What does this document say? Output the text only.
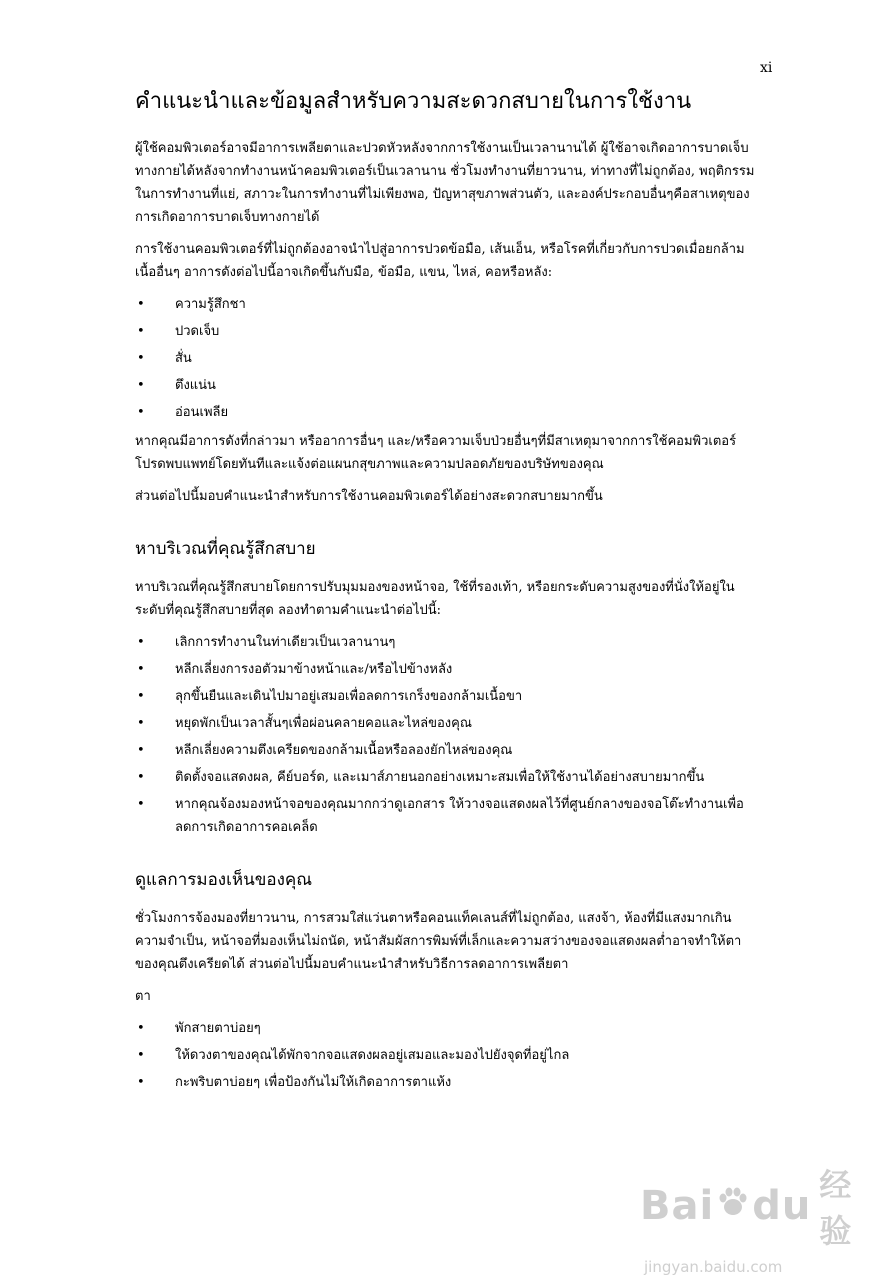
xi
คำแนะนำและข้อมูลสำหรับความสะดวกสบายในการใช้งาน

ผู้ใช้คอมพิวเตอร์อาจมีอาการเพลียตาและปวดหัวหลังจากการใช้งานเป็นเวลานานได้ ผู้ใช้อาจเกิดอาการบาดเจ็บทางกายได้หลังจากทำงานหน้าคอมพิวเตอร์เป็นเวลานาน ชั่วโมงทำงานที่ยาวนาน, ท่าทางที่ไม่ถูกต้อง, พฤติกรรมในการทำงานที่แย่, สภาวะในการทำงานที่ไม่เพียงพอ, ปัญหาสุขภาพส่วนตัว, และองค์ประกอบอื่นๆคือสาเหตุของการเกิดอาการบาดเจ็บทางกายได้

การใช้งานคอมพิวเตอร์ที่ไม่ถูกต้องอาจนำไปสู่อาการปวดข้อมือ, เส้นเอ็น, หรือโรคที่เกี่ยวกับการปวดเมื่อยกล้ามเนื้ออื่นๆ อาการดังต่อไปนี้อาจเกิดขึ้นกับมือ, ข้อมือ, แขน, ไหล่, คอหรือหลัง:

•	ความรู้สึกชา
•	ปวดเจ็บ
•	สั่น
•	ตึงแน่น
•	อ่อนเพลีย

หากคุณมีอาการดังที่กล่าวมา หรืออาการอื่นๆ และ/หรือความเจ็บป่วยอื่นๆที่มีสาเหตุมาจากการใช้คอมพิวเตอร์ โปรดพบแพทย์โดยทันทีและแจ้งต่อแผนกสุขภาพและความปลอดภัยของบริษัทของคุณ

ส่วนต่อไปนี้มอบคำแนะนำสำหรับการใช้งานคอมพิวเตอร์ได้อย่างสะดวกสบายมากขึ้น

หาบริเวณที่คุณรู้สึกสบาย

หาบริเวณที่คุณรู้สึกสบายโดยการปรับมุมมองของหน้าจอ, ใช้ที่รองเท้า, หรือยกระดับความสูงของที่นั่งให้อยู่ในระดับที่คุณรู้สึกสบายที่สุด ลองทำตามคำแนะนำต่อไปนี้:

•	เลิกการทำงานในท่าเดียวเป็นเวลานานๆ
•	หลีกเลี่ยงการงอตัวมาข้างหน้าและ/หรือไปข้างหลัง
•	ลุกขึ้นยืนและเดินไปมาอยู่เสมอเพื่อลดการเกร็งของกล้ามเนื้อขา
•	หยุดพักเป็นเวลาสั้นๆเพื่อผ่อนคลายคอและไหล่ของคุณ
•	หลีกเลี่ยงความตึงเครียดของกล้ามเนื้อหรือลองยักไหล่ของคุณ
•	ติดตั้งจอแสดงผล, คีย์บอร์ด, และเมาส์ภายนอกอย่างเหมาะสมเพื่อให้ใช้งานได้อย่างสบายมากขึ้น
•	หากคุณจ้องมองหน้าจอของคุณมากกว่าดูเอกสาร ให้วางจอแสดงผลไว้ที่ศูนย์กลางของจอโต๊ะทำงานเพื่อลดการเกิดอาการคอเคล็ด
ดูแลการมองเห็นของคุณ

ชั่วโมงการจ้องมองที่ยาวนาน, การสวมใส่แว่นตาหรือคอนแท็คเลนส์ที่ไม่ถูกต้อง, แสงจ้า, ห้องที่มีแสงมากเกินความจำเป็น, หน้าจอที่มองเห็นไม่ถนัด, หน้าสัมผัสการพิมพ์ที่เล็กและความสว่างของจอแสดงผลต่ำอาจทำให้ตาของคุณตึงเครียดได้ ส่วนต่อไปนี้มอบคำแนะนำสำหรับวิธีการลดอาการเพลียตา

ตา

•	พักสายตาบ่อยๆ
•	ให้ดวงตาของคุณได้พักจากจอแสดงผลอยู่เสมอและมองไปยังจุดที่อยู่ไกล
•	กะพริบตาบ่อยๆ เพื่อป้องกันไม่ให้เกิดอาการตาแห้ง
Bai du 经验
jingyan.baidu.com
